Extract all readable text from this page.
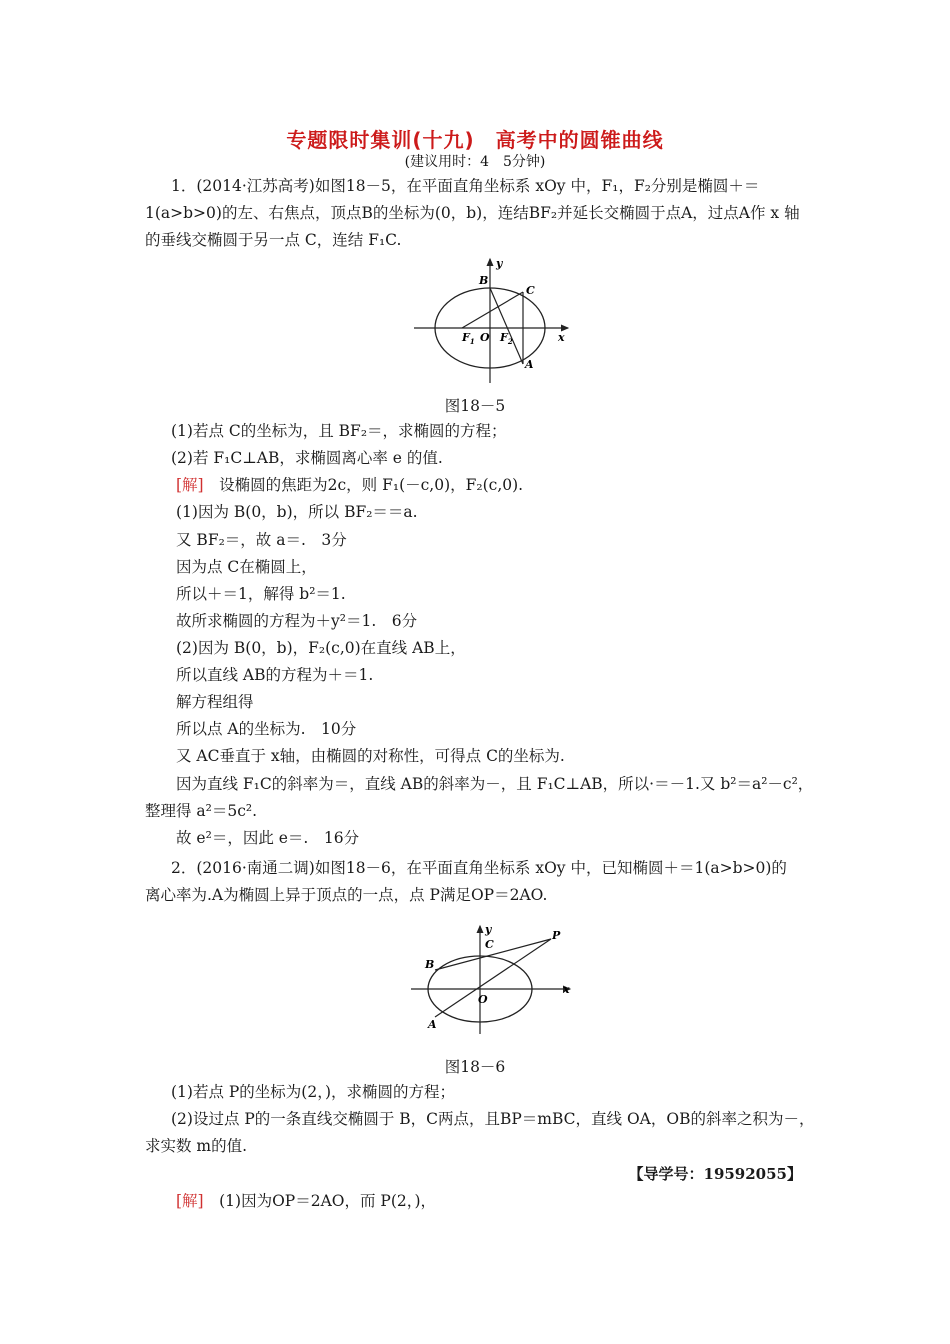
专题限时集训(十九)　高考中的圆锥曲线
(建议用时：4　5分钟)
1．(2014·江苏高考)如图18－5，在平面直角坐标系 xOy 中，F₁，F₂分别是椭圆＋＝
1(a>b>0)的左、右焦点，顶点B的坐标为(0，b)，连结BF₂并延长交椭圆于点A，过点A作 x 轴
的垂线交椭圆于另一点 C，连结 F₁C.
y
B
C
$F_1$ O $F_2$	x
A
图18－5
(1)若点 C的坐标为，且 BF₂＝，求椭圆的方程；
(2)若 F₁C⊥AB，求椭圆离心率 e 的值.
[解]　 设椭圆的焦距为2c，则 F₁(－c,0)，F₂(c,0).
(1)因为 B(0，b)，所以 BF₂＝＝a.
又 BF₂＝，故 a＝.　3分
因为点 C在椭圆上，
所以＋＝1，解得 b²＝1.
故所求椭圆的方程为＋y²＝1.　6分
(2)因为 B(0，b)，F₂(c,0)在直线 AB上，
所以直线 AB的方程为＋＝1.
解方程组得
所以点 A的坐标为.　10分
又 AC垂直于 x轴，由椭圆的对称性，可得点 C的坐标为.
因为直线 F₁C的斜率为＝，直线 AB的斜率为－，且 F₁C⊥AB，所以·＝－1.又 b²＝a²－c²，
整理得 a²＝5c².
故 e²＝，因此 e＝.　16分
2．(2016·南通二调)如图18－6，在平面直角坐标系 xOy 中，已知椭圆＋＝1(a>b>0)的
离心率为.A为椭圆上异于顶点的一点，点 P满足OP＝2AO.
y	P
C
B
O
x
A
图18－6
(1)若点 P的坐标为(2，)，求椭圆的方程；
(2)设过点 P的一条直线交椭圆于 B，C两点，且BP＝mBC，直线 OA，OB的斜率之积为－，
求实数 m的值.
【导学号：19592055】
[解]　 (1)因为OP＝2AO，而 P(2，)，
